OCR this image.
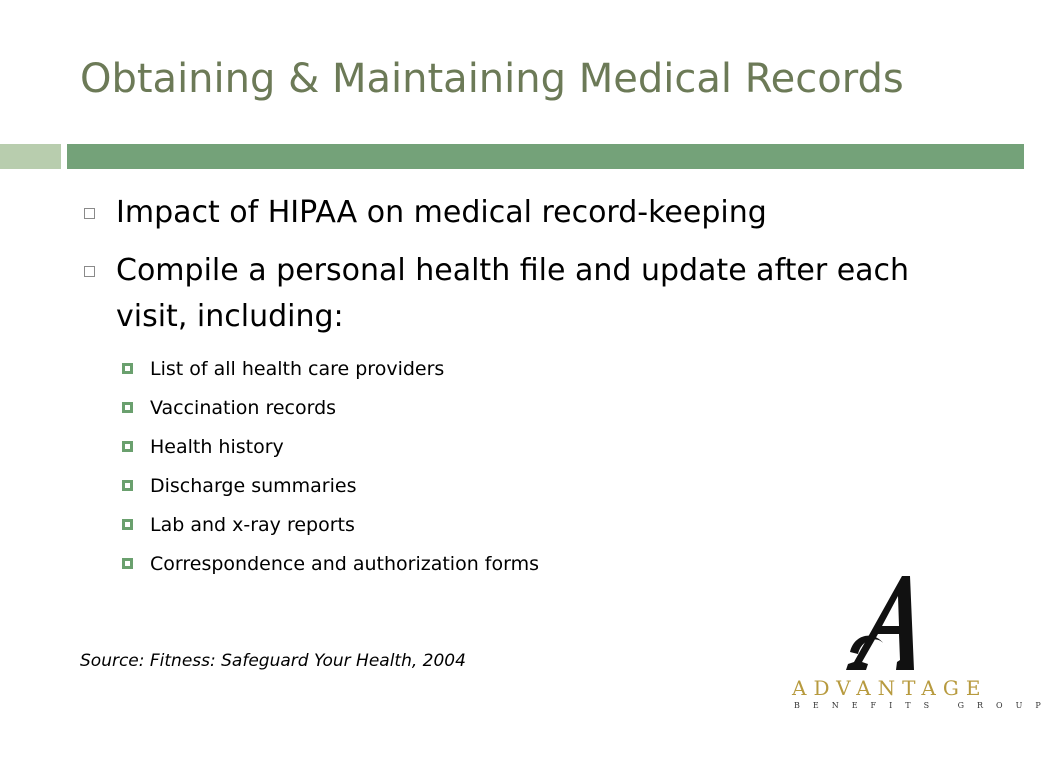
Obtaining & Maintaining Medical Records
Impact of HIPAA on medical record-keeping
Compile a personal health file and update after each visit, including:
List of all health care providers
Vaccination records
Health history
Discharge summaries
Lab and x-ray reports
Correspondence and authorization forms
Source: Fitness: Safeguard Your Health, 2004
ADVANTAGE
BENEFITS GROUP
